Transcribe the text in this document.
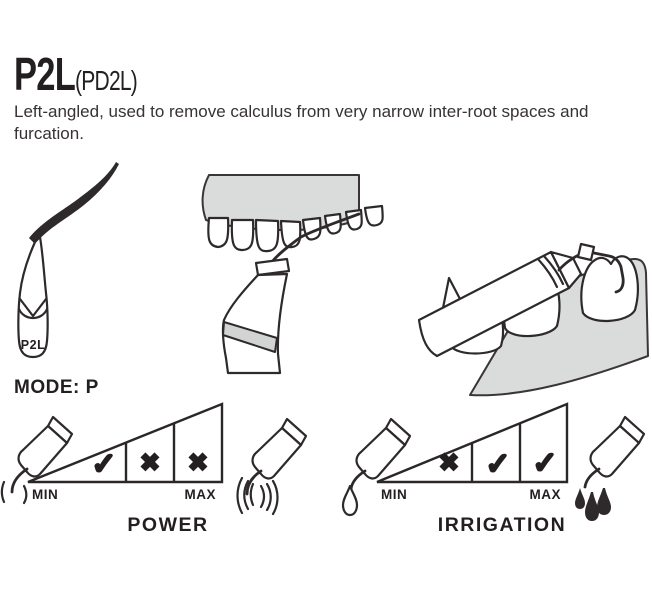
P2L(PD2L)
Left-angled, used to remove calculus from very narrow inter-root spaces and furcation.
P2L
MODE: P
✓ ✖ ✖
MIN	MAX
POWER
✖ ✓ ✓
MIN	MAX
IRRIGATION
